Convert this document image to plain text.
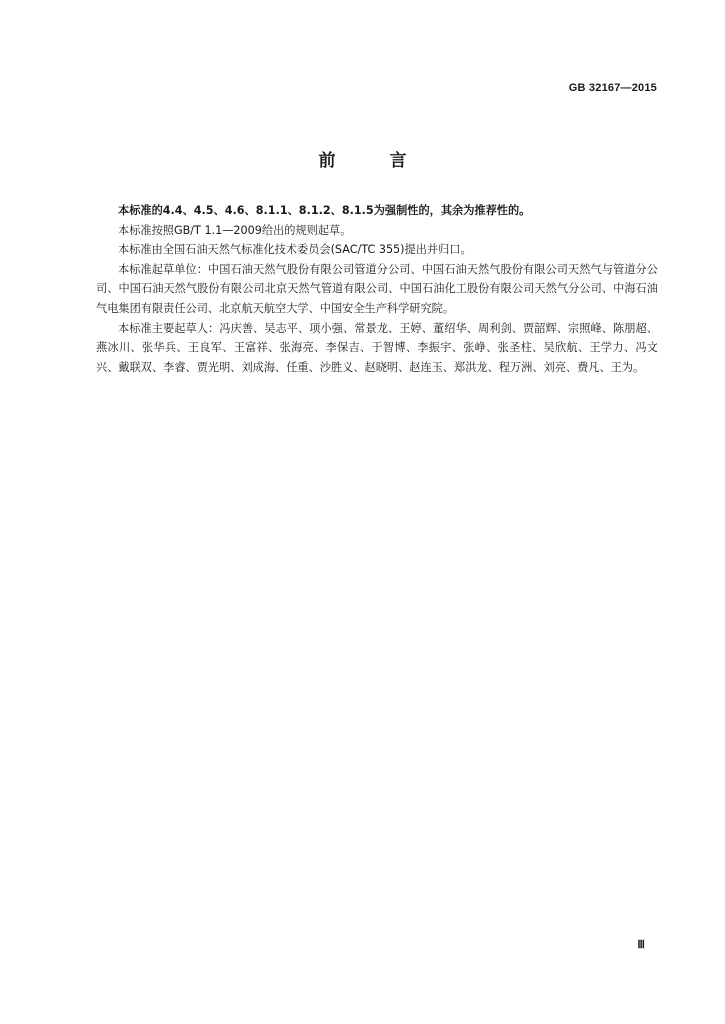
GB 32167—2015
前 言

本标准的4.4、4.5、4.6、8.1.1、8.1.2、8.1.5为强制性的，其余为推荐性的。

本标准按照GB/T 1.1—2009给出的规则起草。

本标准由全国石油天然气标准化技术委员会(SAC/TC 355)提出并归口。

本标准起草单位：中国石油天然气股份有限公司管道分公司、中国石油天然气股份有限公司天然气与管道分公司、中国石油天然气股份有限公司北京天然气管道有限公司、中国石油化工股份有限公司天然气分公司、中海石油气电集团有限责任公司、北京航天航空大学、中国安全生产科学研究院。

本标准主要起草人：冯庆善、吴志平、项小强、常景龙、王婷、董绍华、周利剑、贾韶辉、宗照峰、陈朋超、燕冰川、张华兵、王良军、王富祥、张海亮、李保吉、于智博、李振宇、张峥、张圣柱、吴欣航、王学力、冯文兴、戴联双、李睿、贾光明、刘成海、任重、沙胜义、赵晓明、赵连玉、郑洪龙、程万洲、刘亮、费凡、王为。

Ⅲ
